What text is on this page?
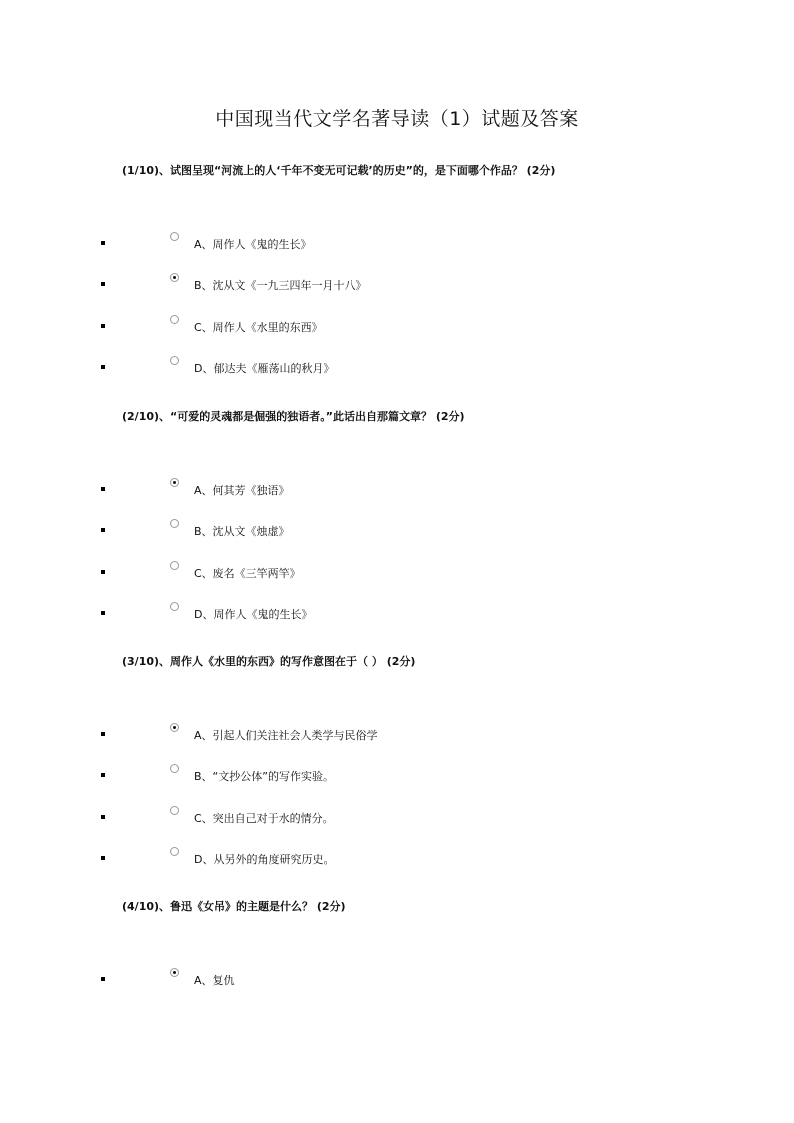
中国现当代文学名著导读（1）试题及答案
(1/10)、试图呈现“河流上的人‘千年不变无可记载’的历史”的，是下面哪个作品？ (2分)
A、周作人《鬼的生长》
B、沈从文《一九三四年一月十八》
C、周作人《水里的东西》
D、郁达夫《雁荡山的秋月》
(2/10)、“可爱的灵魂都是倔强的独语者。”此话出自那篇文章？ (2分)
A、何其芳《独语》
B、沈从文《烛虚》
C、废名《三竿两竿》
D、周作人《鬼的生长》
(3/10)、周作人《水里的东西》的写作意图在于（ ） (2分)
A、引起人们关注社会人类学与民俗学
B、“文抄公体”的写作实验。
C、突出自己对于水的情分。
D、从另外的角度研究历史。
(4/10)、鲁迅《女吊》的主题是什么？ (2分)
A、复仇
